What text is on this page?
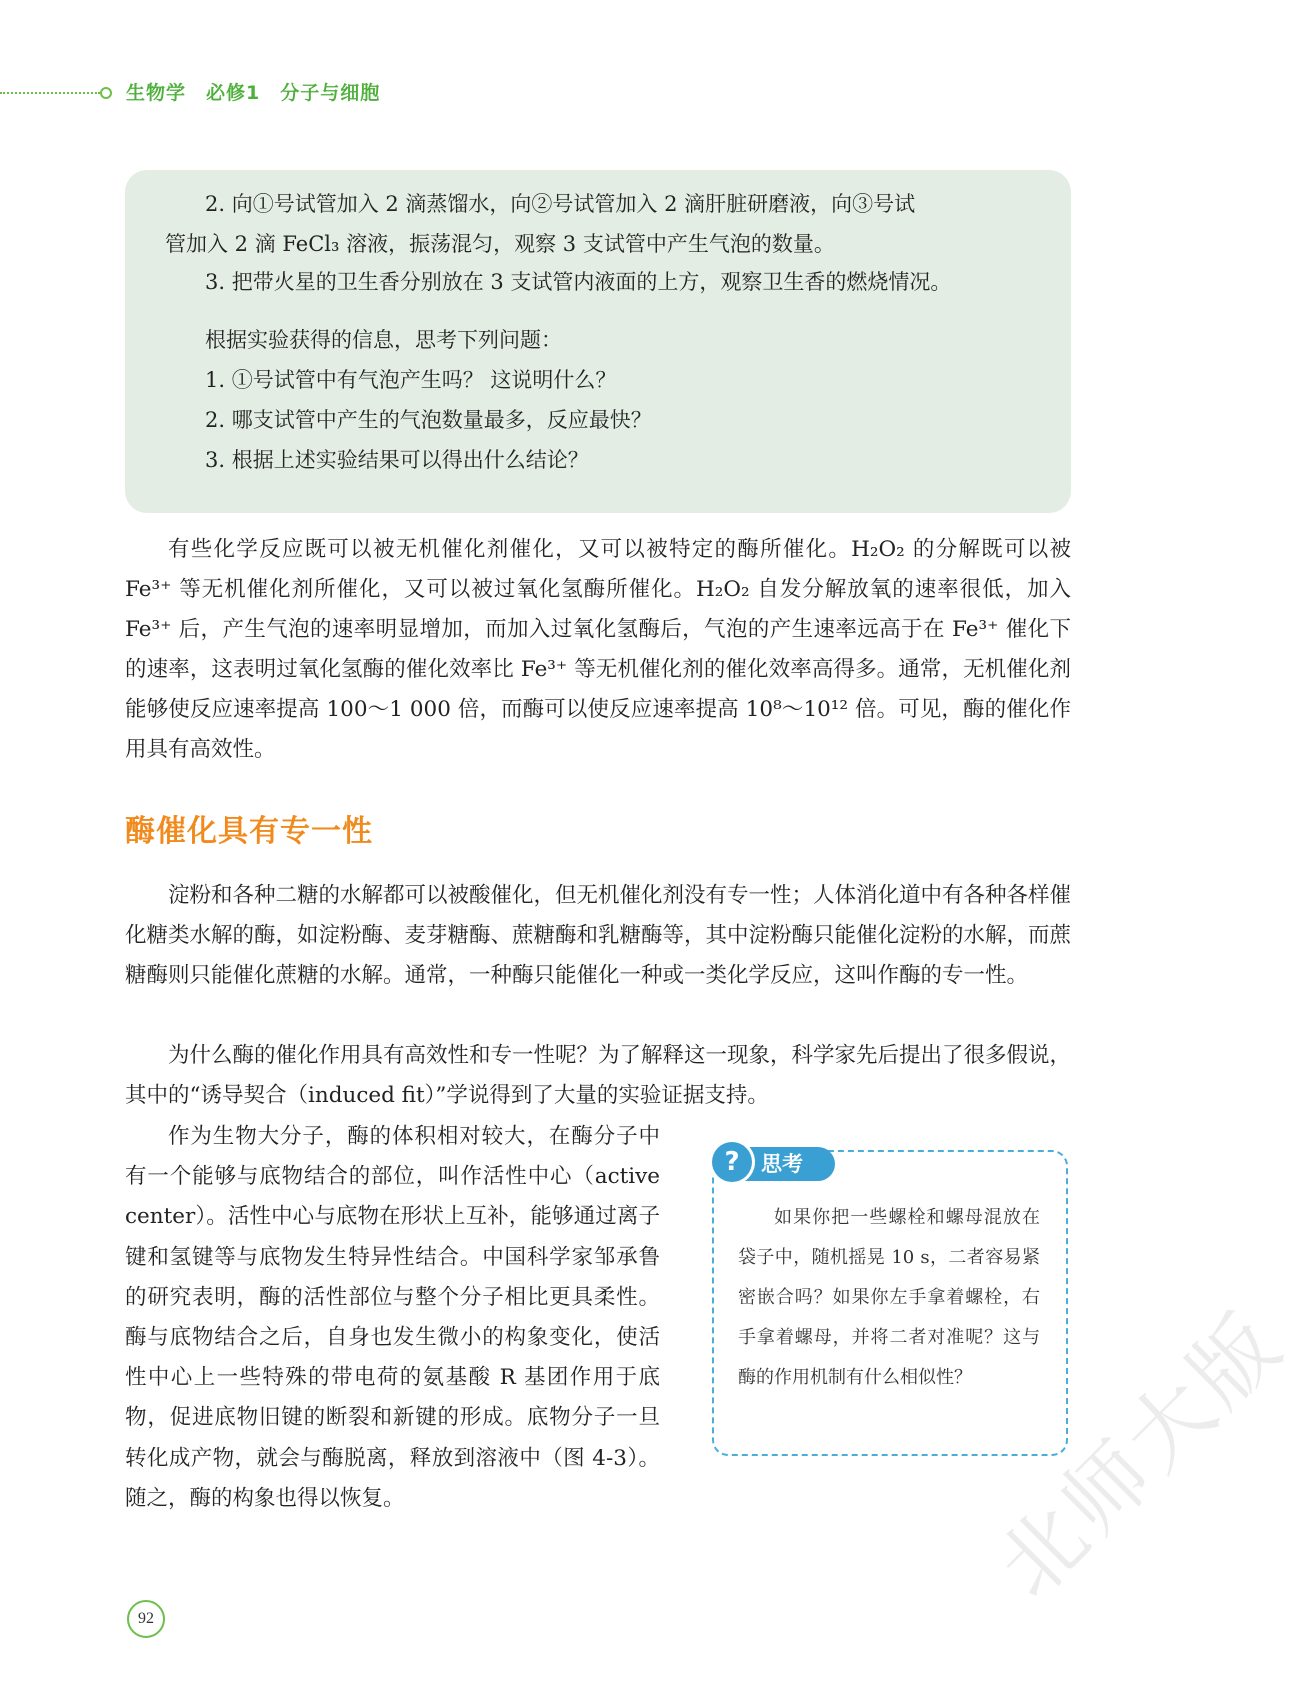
生物学 必修1 分子与细胞

2. 向①号试管加入 2 滴蒸馏水，向②号试管加入 2 滴肝脏研磨液，向③号试

管加入 2 滴 FeCl₃ 溶液，振荡混匀，观察 3 支试管中产生气泡的数量。

3. 把带火星的卫生香分别放在 3 支试管内液面的上方，观察卫生香的燃烧情况。

根据实验获得的信息，思考下列问题：

1. ①号试管中有气泡产生吗？ 这说明什么？

2. 哪支试管中产生的气泡数量最多，反应最快？

3. 根据上述实验结果可以得出什么结论？

有些化学反应既可以被无机催化剂催化，又可以被特定的酶所催化。H₂O₂ 的分解既可以被 Fe³⁺ 等无机催化剂所催化，又可以被过氧化氢酶所催化。H₂O₂ 自发分解放氧的速率很低，加入 Fe³⁺ 后，产生气泡的速率明显增加，而加入过氧化氢酶后，气泡的产生速率远高于在 Fe³⁺ 催化下的速率，这表明过氧化氢酶的催化效率比 Fe³⁺ 等无机催化剂的催化效率高得多。通常，无机催化剂能够使反应速率提高 100～1 000 倍，而酶可以使反应速率提高 10⁸～10¹² 倍。可见，酶的催化作用具有高效性。

酶催化具有专一性

淀粉和各种二糖的水解都可以被酸催化，但无机催化剂没有专一性；人体消化道中有各种各样催化糖类水解的酶，如淀粉酶、麦芽糖酶、蔗糖酶和乳糖酶等，其中淀粉酶只能催化淀粉的水解，而蔗糖酶则只能催化蔗糖的水解。通常，一种酶只能催化一种或一类化学反应，这叫作酶的专一性。

为什么酶的催化作用具有高效性和专一性呢？为了解释这一现象，科学家先后提出了很多假说，其中的“诱导契合（induced fit）”学说得到了大量的实验证据支持。

作为生物大分子，酶的体积相对较大，在酶分子中有一个能够与底物结合的部位，叫作活性中心（active center）。活性中心与底物在形状上互补，能够通过离子键和氢键等与底物发生特异性结合。中国科学家邹承鲁的研究表明，酶的活性部位与整个分子相比更具柔性。酶与底物结合之后，自身也发生微小的构象变化，使活性中心上一些特殊的带电荷的氨基酸 R 基团作用于底物，促进底物旧键的断裂和新键的形成。底物分子一旦转化成产物，就会与酶脱离，释放到溶液中（图 4-3）。随之，酶的构象也得以恢复。

思考
?

如果你把一些螺栓和螺母混放在袋子中，随机摇晃 10 s，二者容易紧密嵌合吗？如果你左手拿着螺栓，右手拿着螺母，并将二者对准呢？这与酶的作用机制有什么相似性？

92
北师大版
